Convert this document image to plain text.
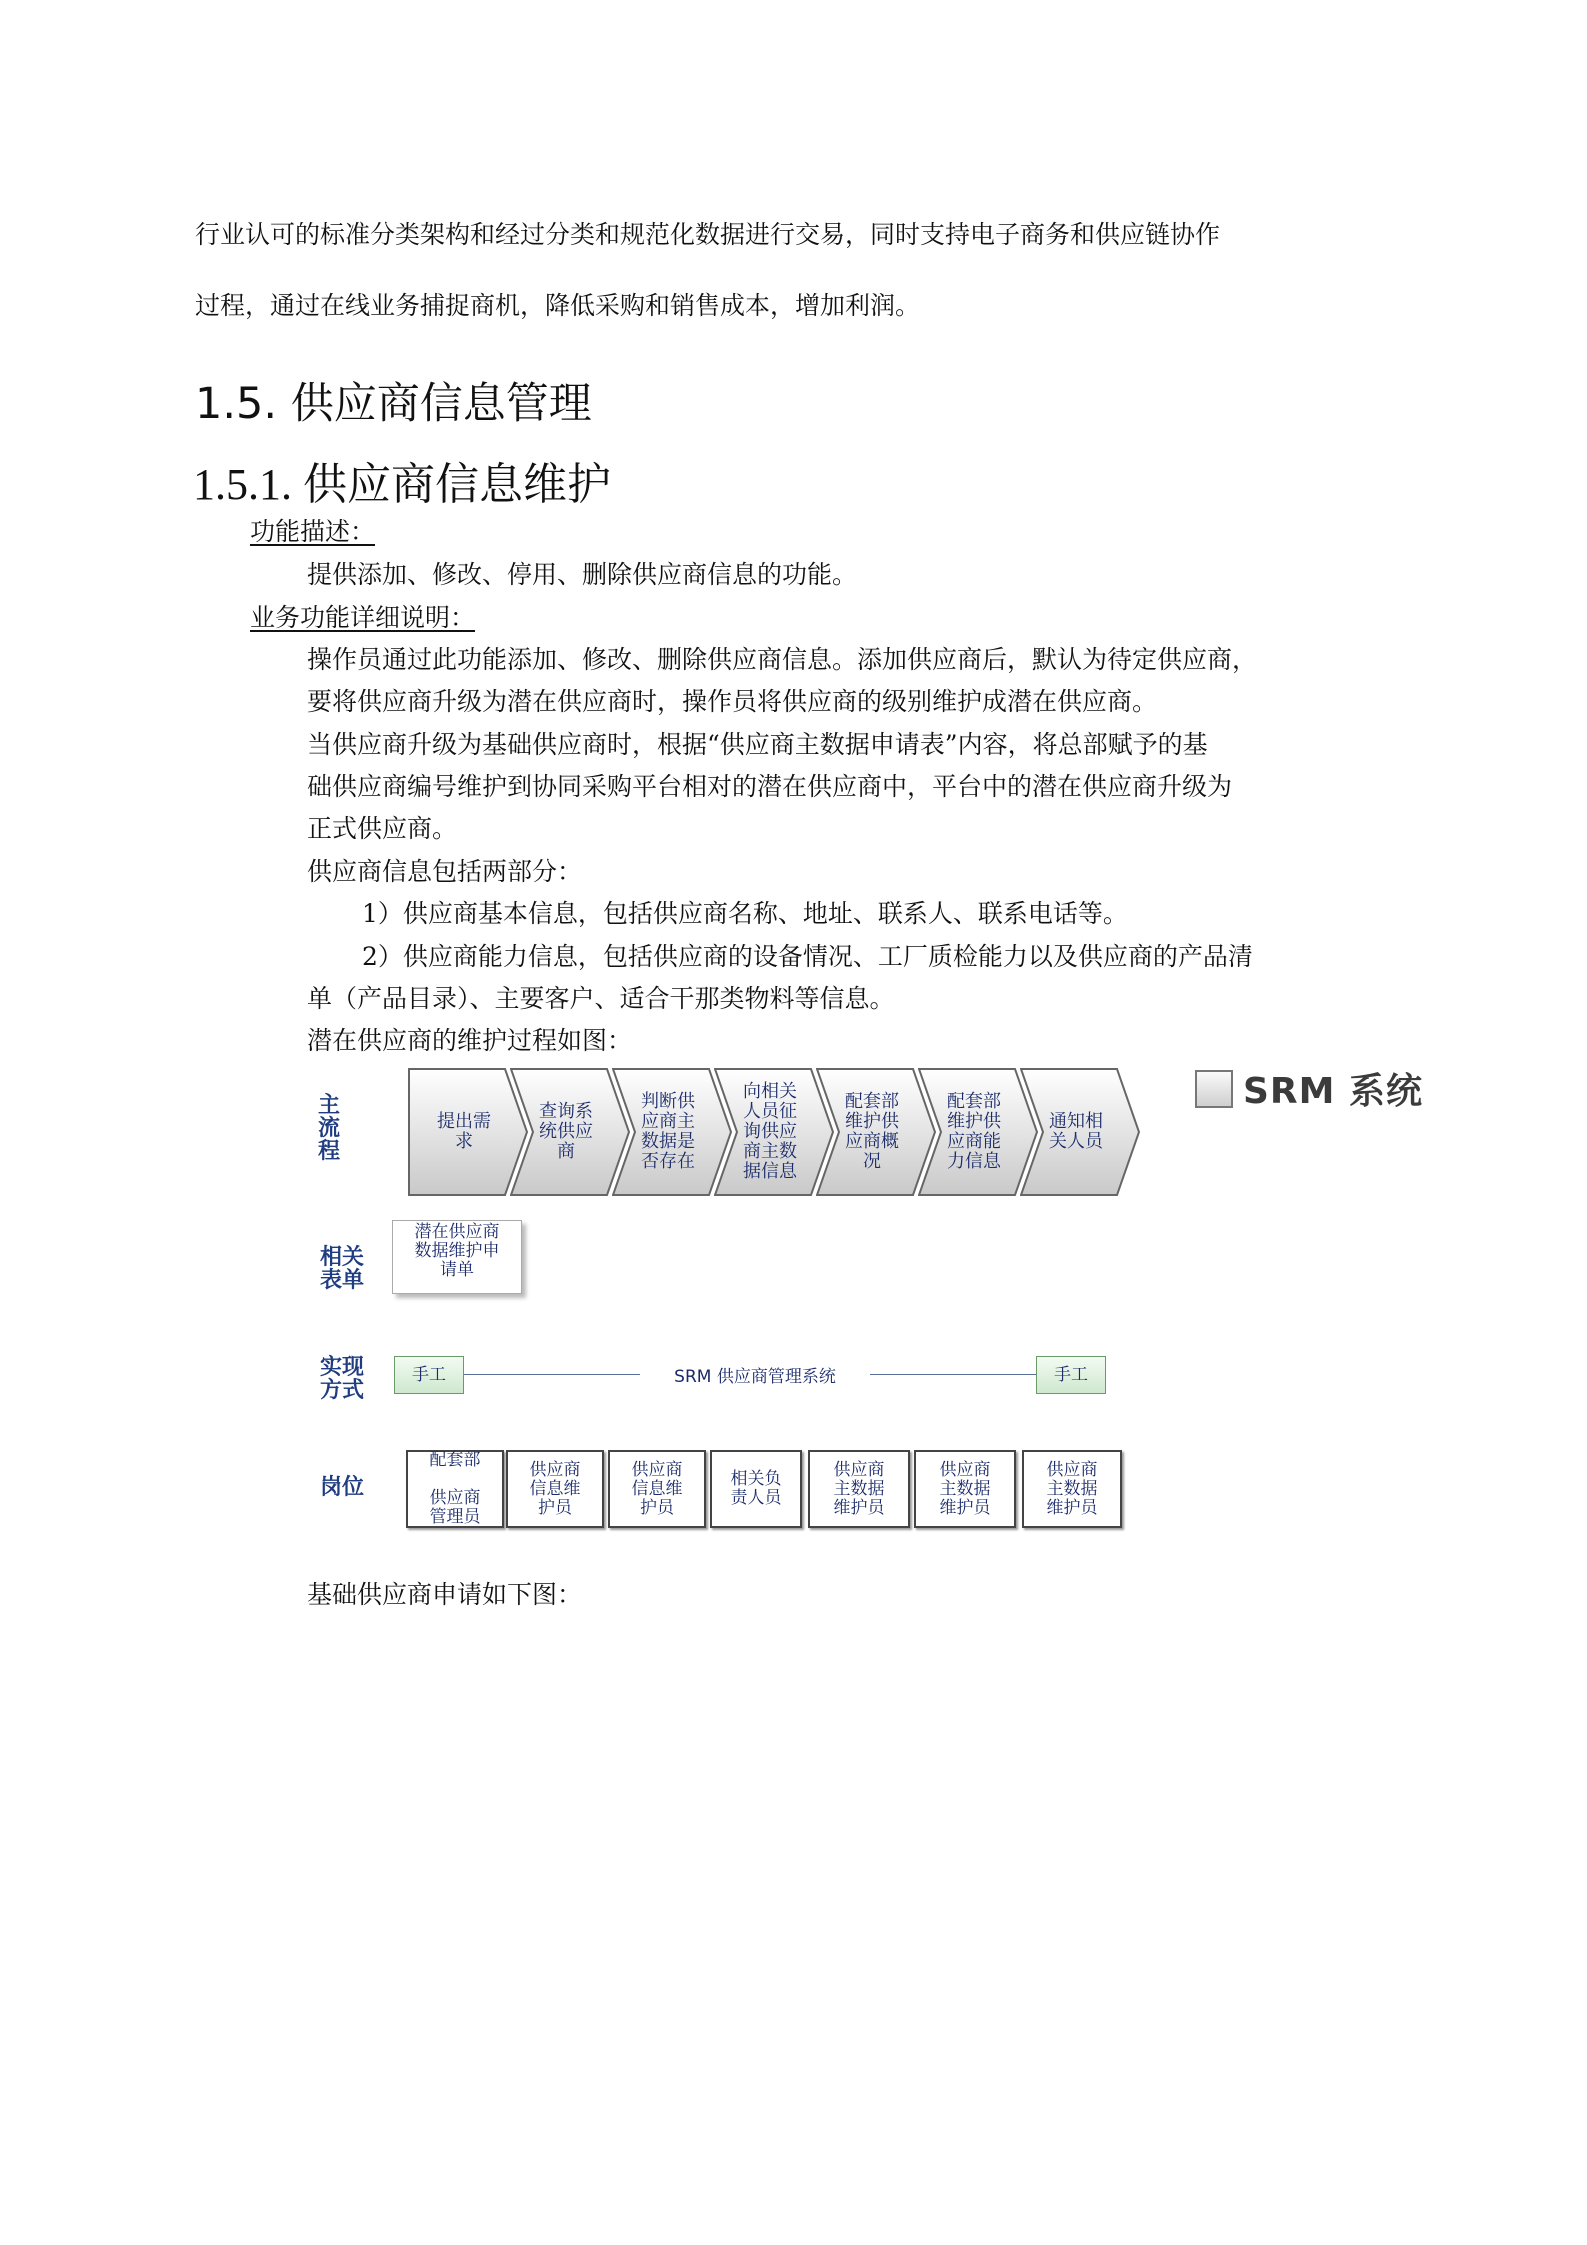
行业认可的标准分类架构和经过分类和规范化数据进行交易，同时支持电子商务和供应链协作
过程，通过在线业务捕捉商机，降低采购和销售成本，增加利润。
1.5. 供应商信息管理
1.5.1. 供应商信息维护
功能描述：
提供添加、修改、停用、删除供应商信息的功能。
业务功能详细说明：
操作员通过此功能添加、修改、删除供应商信息。添加供应商后，默认为待定供应商，
要将供应商升级为潜在供应商时，操作员将供应商的级别维护成潜在供应商。
当供应商升级为基础供应商时，根据“供应商主数据申请表”内容，将总部赋予的基
础供应商编号维护到协同采购平台相对的潜在供应商中，平台中的潜在供应商升级为
正式供应商。
供应商信息包括两部分：
1）供应商基本信息，包括供应商名称、地址、联系人、联系电话等。
2）供应商能力信息，包括供应商的设备情况、工厂质检能力以及供应商的产品清
单（产品目录）、主要客户、适合干那类物料等信息。
潜在供应商的维护过程如图：
主
流
程
相关
表单
实现
方式
岗位
提出需
求
查询系
统供应
商
判断供
应商主
数据是
否存在
向相关
人员征
询供应
商主数
据信息
配套部
维护供
应商概
况
配套部
维护供
应商能
力信息
通知相
关人员
SRM 系统
潜在供应商
数据维护申
请单
手工	SRM 供应商管理系统	手工
配套部

供应商
管理员
供应商
信息维
护员
供应商
信息维
护员
相关负
责人员
供应商
主数据
维护员
供应商
主数据
维护员
供应商
主数据
维护员
基础供应商申请如下图：
